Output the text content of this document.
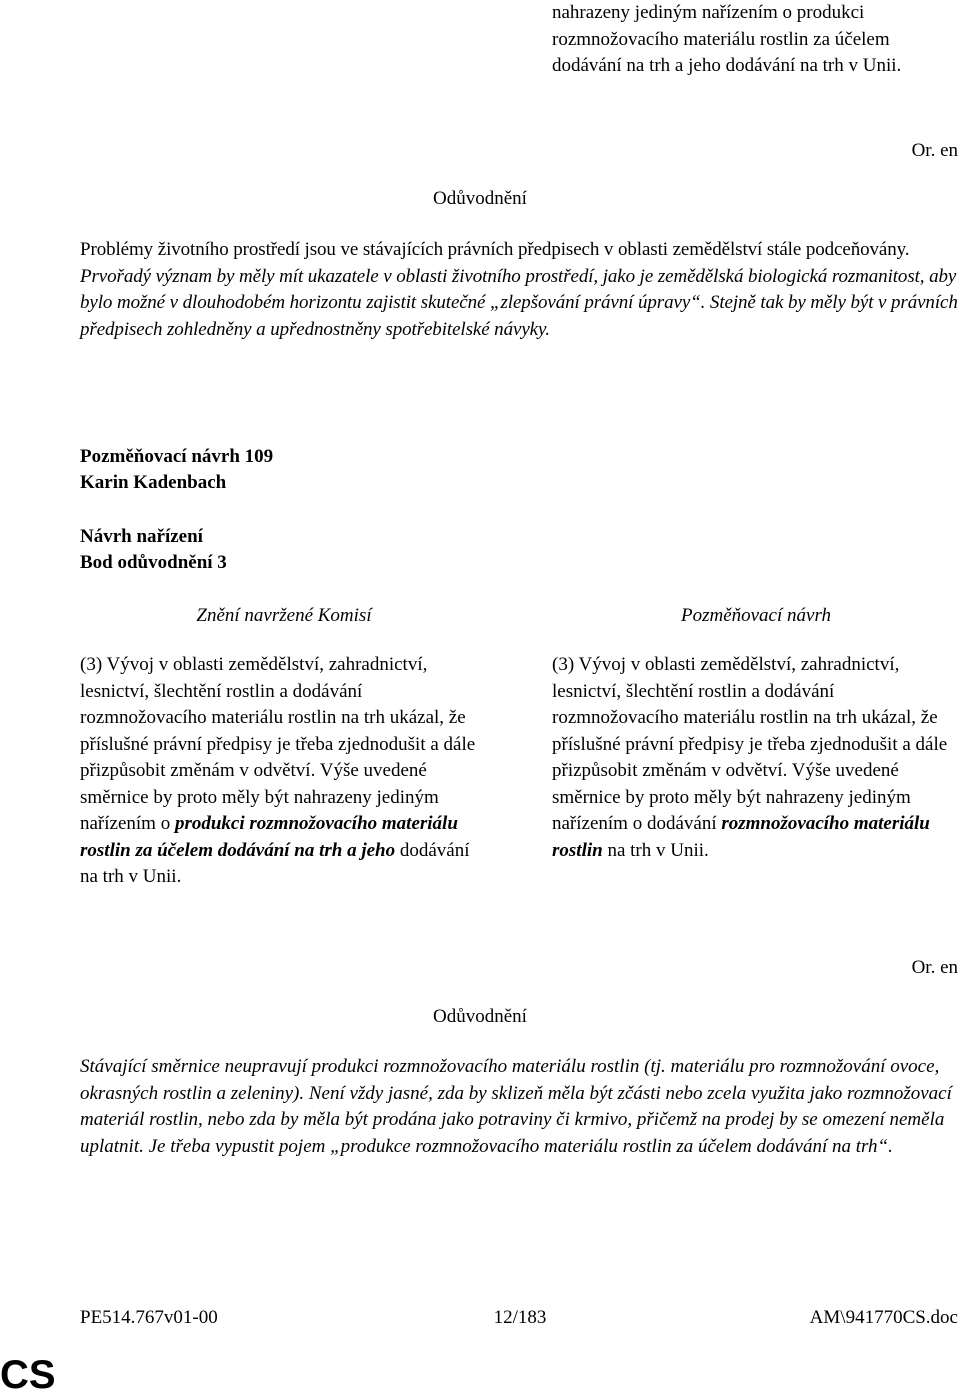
nahrazeny jediným nařízením o produkci rozmnožovacího materiálu rostlin za účelem dodávání na trh a jeho dodávání na trh v Unii.

Or. en
Odůvodnění

Problémy životního prostředí jsou ve stávajících právních předpisech v oblasti zemědělství stále podceňovány. Prvořadý význam by měly mít ukazatele v oblasti životního prostředí, jako je zemědělská biologická rozmanitost, aby bylo možné v dlouhodobém horizontu zajistit skutečné „zlepšování právní úpravy“. Stejně tak by měly být v právních předpisech zohledněny a upřednostněny spotřebitelské návyky.

Pozměňovací návrh 109
Karin Kadenbach
Návrh nařízení
Bod odůvodnění 3
Znění navržené Komisí	Pozměňovací návrh

(3) Vývoj v oblasti zemědělství, zahradnictví, lesnictví, šlechtění rostlin a dodávání rozmnožovacího materiálu rostlin na trh ukázal, že příslušné právní předpisy je třeba zjednodušit a dále přizpůsobit změnám v odvětví. Výše uvedené směrnice by proto měly být nahrazeny jediným nařízením o produkci rozmnožovacího materiálu rostlin za účelem dodávání na trh a jeho dodávání na trh v Unii.

(3) Vývoj v oblasti zemědělství, zahradnictví, lesnictví, šlechtění rostlin a dodávání rozmnožovacího materiálu rostlin na trh ukázal, že příslušné právní předpisy je třeba zjednodušit a dále přizpůsobit změnám v odvětví. Výše uvedené směrnice by proto měly být nahrazeny jediným nařízením o dodávání rozmnožovacího materiálu rostlin na trh v Unii.

Or. en
Odůvodnění

Stávající směrnice neupravují produkci rozmnožovacího materiálu rostlin (tj. materiálu pro rozmnožování ovoce, okrasných rostlin a zeleniny). Není vždy jasné, zda by sklizeň měla být zčásti nebo zcela využita jako rozmnožovací materiál rostlin, nebo zda by měla být prodána jako potraviny či krmivo, přičemž na prodej by se omezení neměla uplatnit. Je třeba vypustit pojem „produkce rozmnožovacího materiálu rostlin za účelem dodávání na trh“.

PE514.767v01-00	12/183	AM\941770CS.doc
CS
